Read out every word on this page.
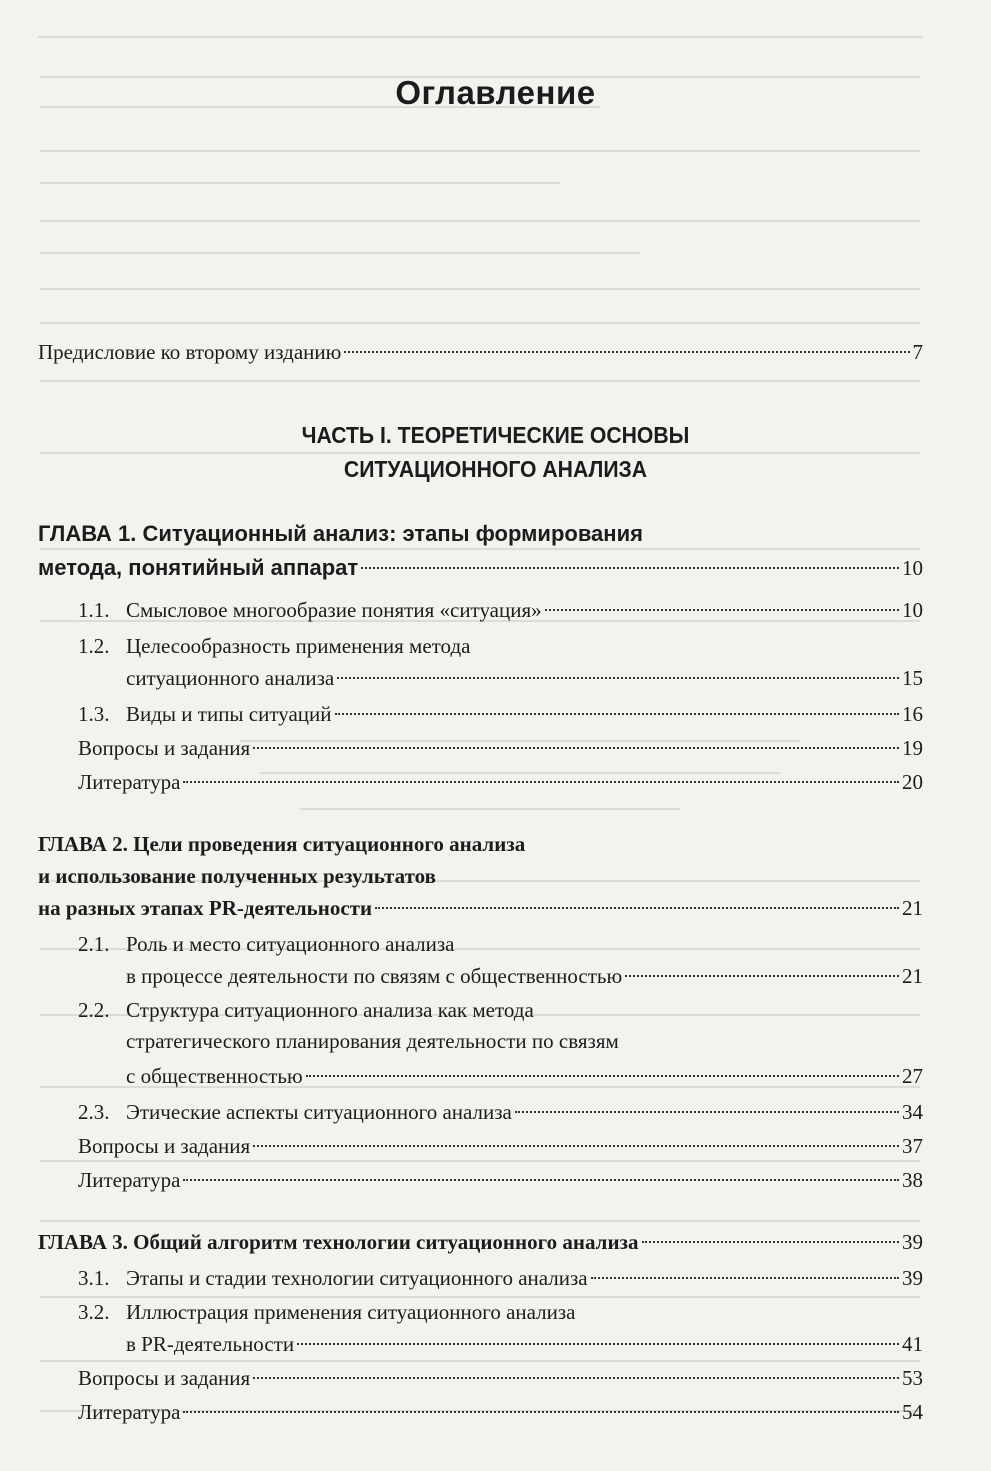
Оглавление
Предисловие ко второму изданию	7
ЧАСТЬ I. ТЕОРЕТИЧЕСКИЕ ОСНОВЫ
СИТУАЦИОННОГО АНАЛИЗА
ГЛАВА 1. Ситуационный анализ: этапы формирования
метода, понятийный аппарат	10
1.1. Смысловое многообразие понятия «ситуация»	10
1.2. Целесообразность применения метода
ситуационного анализа	15
1.3. Виды и типы ситуаций	16
Вопросы и задания	19
Литература	20
ГЛАВА 2. Цели проведения ситуационного анализа
и использование полученных результатов
на разных этапах PR-деятельности	21
2.1. Роль и место ситуационного анализа
в процессе деятельности по связям с общественностью	21
2.2. Структура ситуационного анализа как метода
стратегического планирования деятельности по связям
с общественностью	27
2.3. Этические аспекты ситуационного анализа	34
Вопросы и задания	37
Литература	38
ГЛАВА 3. Общий алгоритм технологии ситуационного анализа	39
3.1. Этапы и стадии технологии ситуационного анализа	39
3.2. Иллюстрация применения ситуационного анализа
в PR-деятельности	41
Вопросы и задания	53
Литература	54
